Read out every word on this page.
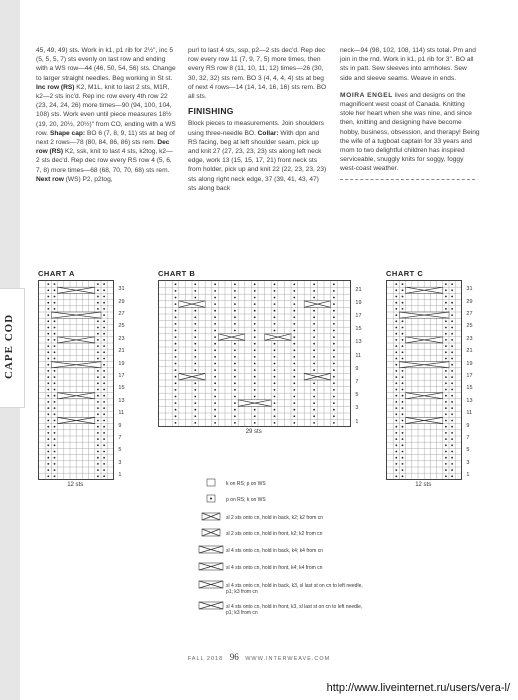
CAPE COD

45, 49, 49) sts. Work in k1, p1 rib for 2½", inc 5 (5, 5, 5, 7) sts evenly on last row and ending with a WS row—44 (46, 50, 54, 56) sts. Change to larger straight needles. Beg working in St st. Inc row (RS) K2, M1L, knit to last 2 sts, M1R, k2—2 sts inc'd. Rep inc row every 4th row 22 (23, 24, 24, 26) more times—90 (94, 100, 104, 108) sts. Work even until piece measures 18½ (19, 20, 20½, 20½)" from CO, ending with a WS row. Shape cap: BO 6 (7, 8, 9, 11) sts at beg of next 2 rows—78 (80, 84, 86, 86) sts rem. Dec row (RS) K2, ssk, knit to last 4 sts, k2tog, k2—2 sts dec'd. Rep dec row every RS row 4 (5, 6, 7, 8) more times—68 (68, 70, 70, 68) sts rem. Next row (WS) P2, p2tog,

purl to last 4 sts, ssp, p2—2 sts dec'd. Rep dec row every row 11 (7, 9, 7, 5) more times, then every RS row 8 (11, 10, 11, 12) times—26 (30, 30, 32, 32) sts rem. BO 3 (4, 4, 4, 4) sts at beg of next 4 rows—14 (14, 14, 16, 16) sts rem. BO all sts.

FINISHING

Block pieces to measurements. Join shoulders using three-needle BO. Collar: With dpn and RS facing, beg at left shoulder seam, pick up and knit 27 (27, 23, 23, 23) sts along left neck edge, work 13 (15, 15, 17, 21) front neck sts from holder, pick up and knit 22 (22, 23, 23, 23) sts along right neck edge, 37 (39, 41, 43, 47) sts along back

neck—94 (98, 102, 108, 114) sts total. Pm and join in the rnd. Work in k1, p1 rib for 3". BO all sts in patt. Sew sleeves into armholes. Sew side and sleeve seams. Weave in ends.

MOIRA ENGEL lives and designs on the magnificent west coast of Canada. Knitting stole her heart when she was nine, and since then, knitting and designing have become hobby, business, obsession, and therapy! Being the wife of a tugboat captain for 33 years and mom to two delightful children has inspired serviceable, snuggly knits for soggy, foggy west-coast weather.

CHART A	CHART B	CHART C
k on RS; p on WS
p on RS; k on WS
sl 2 sts onto cn, hold in back, k2; k2 from cn
sl 2 sts onto cn, hold in front, k2; k2 from cn
sl 4 sts onto cn, hold in back, k4; k4 from cn
sl 4 sts onto cn, hold in front, k4; k4 from cn
sl 4 sts onto cn, hold in back, k3, sl last st on cn to left needle, p1; k3 from cn
sl 4 sts onto cn, hold in front, k3, sl last st on cn to left needle, p1; k3 from cn
FALL 2018 96 WWW.INTERWEAVE.COM
http://www.liveinternet.ru/users/vera-l/
31
29
27
25
23
21
19
17
15
13
11
9
7
5
3
1
12 sts
21
19
17
15
13
11
9
7
5
3
1
29 sts
31
29
27
25
23
21
19
17
15
13
11
9
7
5
3
1
12 sts
